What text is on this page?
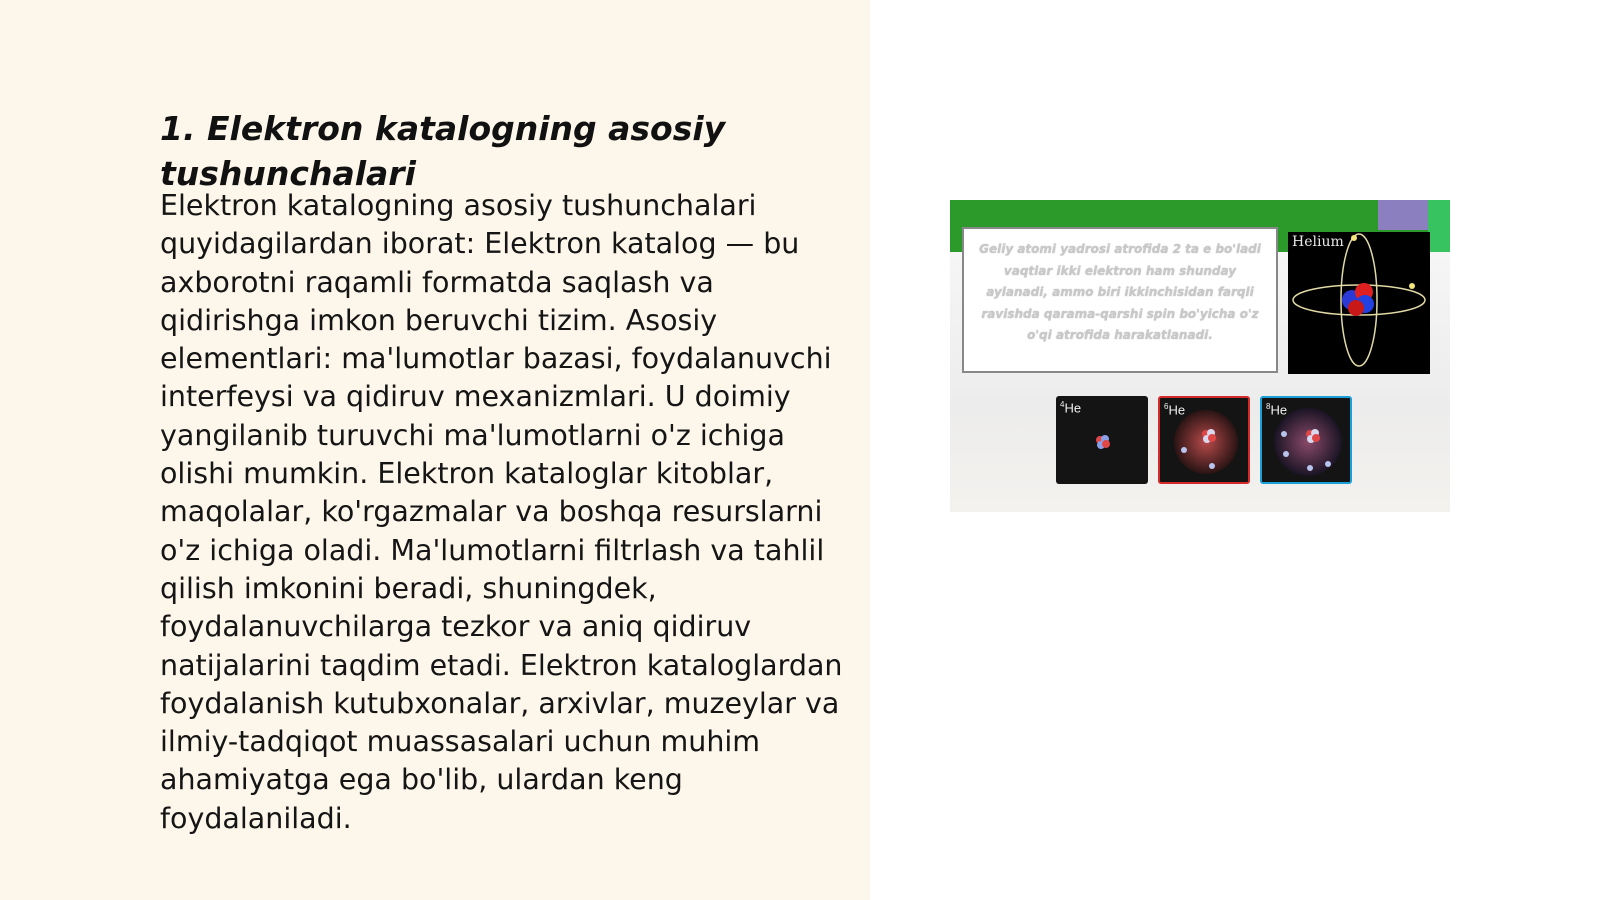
1. Elektron katalogning asosiy tushunchalari

Elektron katalogning asosiy tushunchalari quyidagilardan iborat: Elektron katalog — bu axborotni raqamli formatda saqlash va qidirishga imkon beruvchi tizim. Asosiy elementlari: ma'lumotlar bazasi, foydalanuvchi interfeysi va qidiruv mexanizmlari. U doimiy yangilanib turuvchi ma'lumotlarni o'z ichiga olishi mumkin. Elektron kataloglar kitoblar, maqolalar, ko'rgazmalar va boshqa resurslarni o'z ichiga oladi. Ma'lumotlarni filtrlash va tahlil qilish imkonini beradi, shuningdek, foydalanuvchilarga tezkor va aniq qidiruv natijalarini taqdim etadi. Elektron kataloglardan foydalanish kutubxonalar, arxivlar, muzeylar va ilmiy-tadqiqot muassasalari uchun muhim ahamiyatga ega bo'lib, ulardan keng foydalaniladi.

Geliy atomi yadrosi atrofida 2 ta e bo'ladi vaqtlar ikki elektron ham shunday aylanadi, ammo biri ikkinchisidan farqli ravishda qarama-qarshi spin bo'yicha o'z o'qi atrofida harakatlanadi.
Helium
$^4$He	$^6$He	$^8$He
